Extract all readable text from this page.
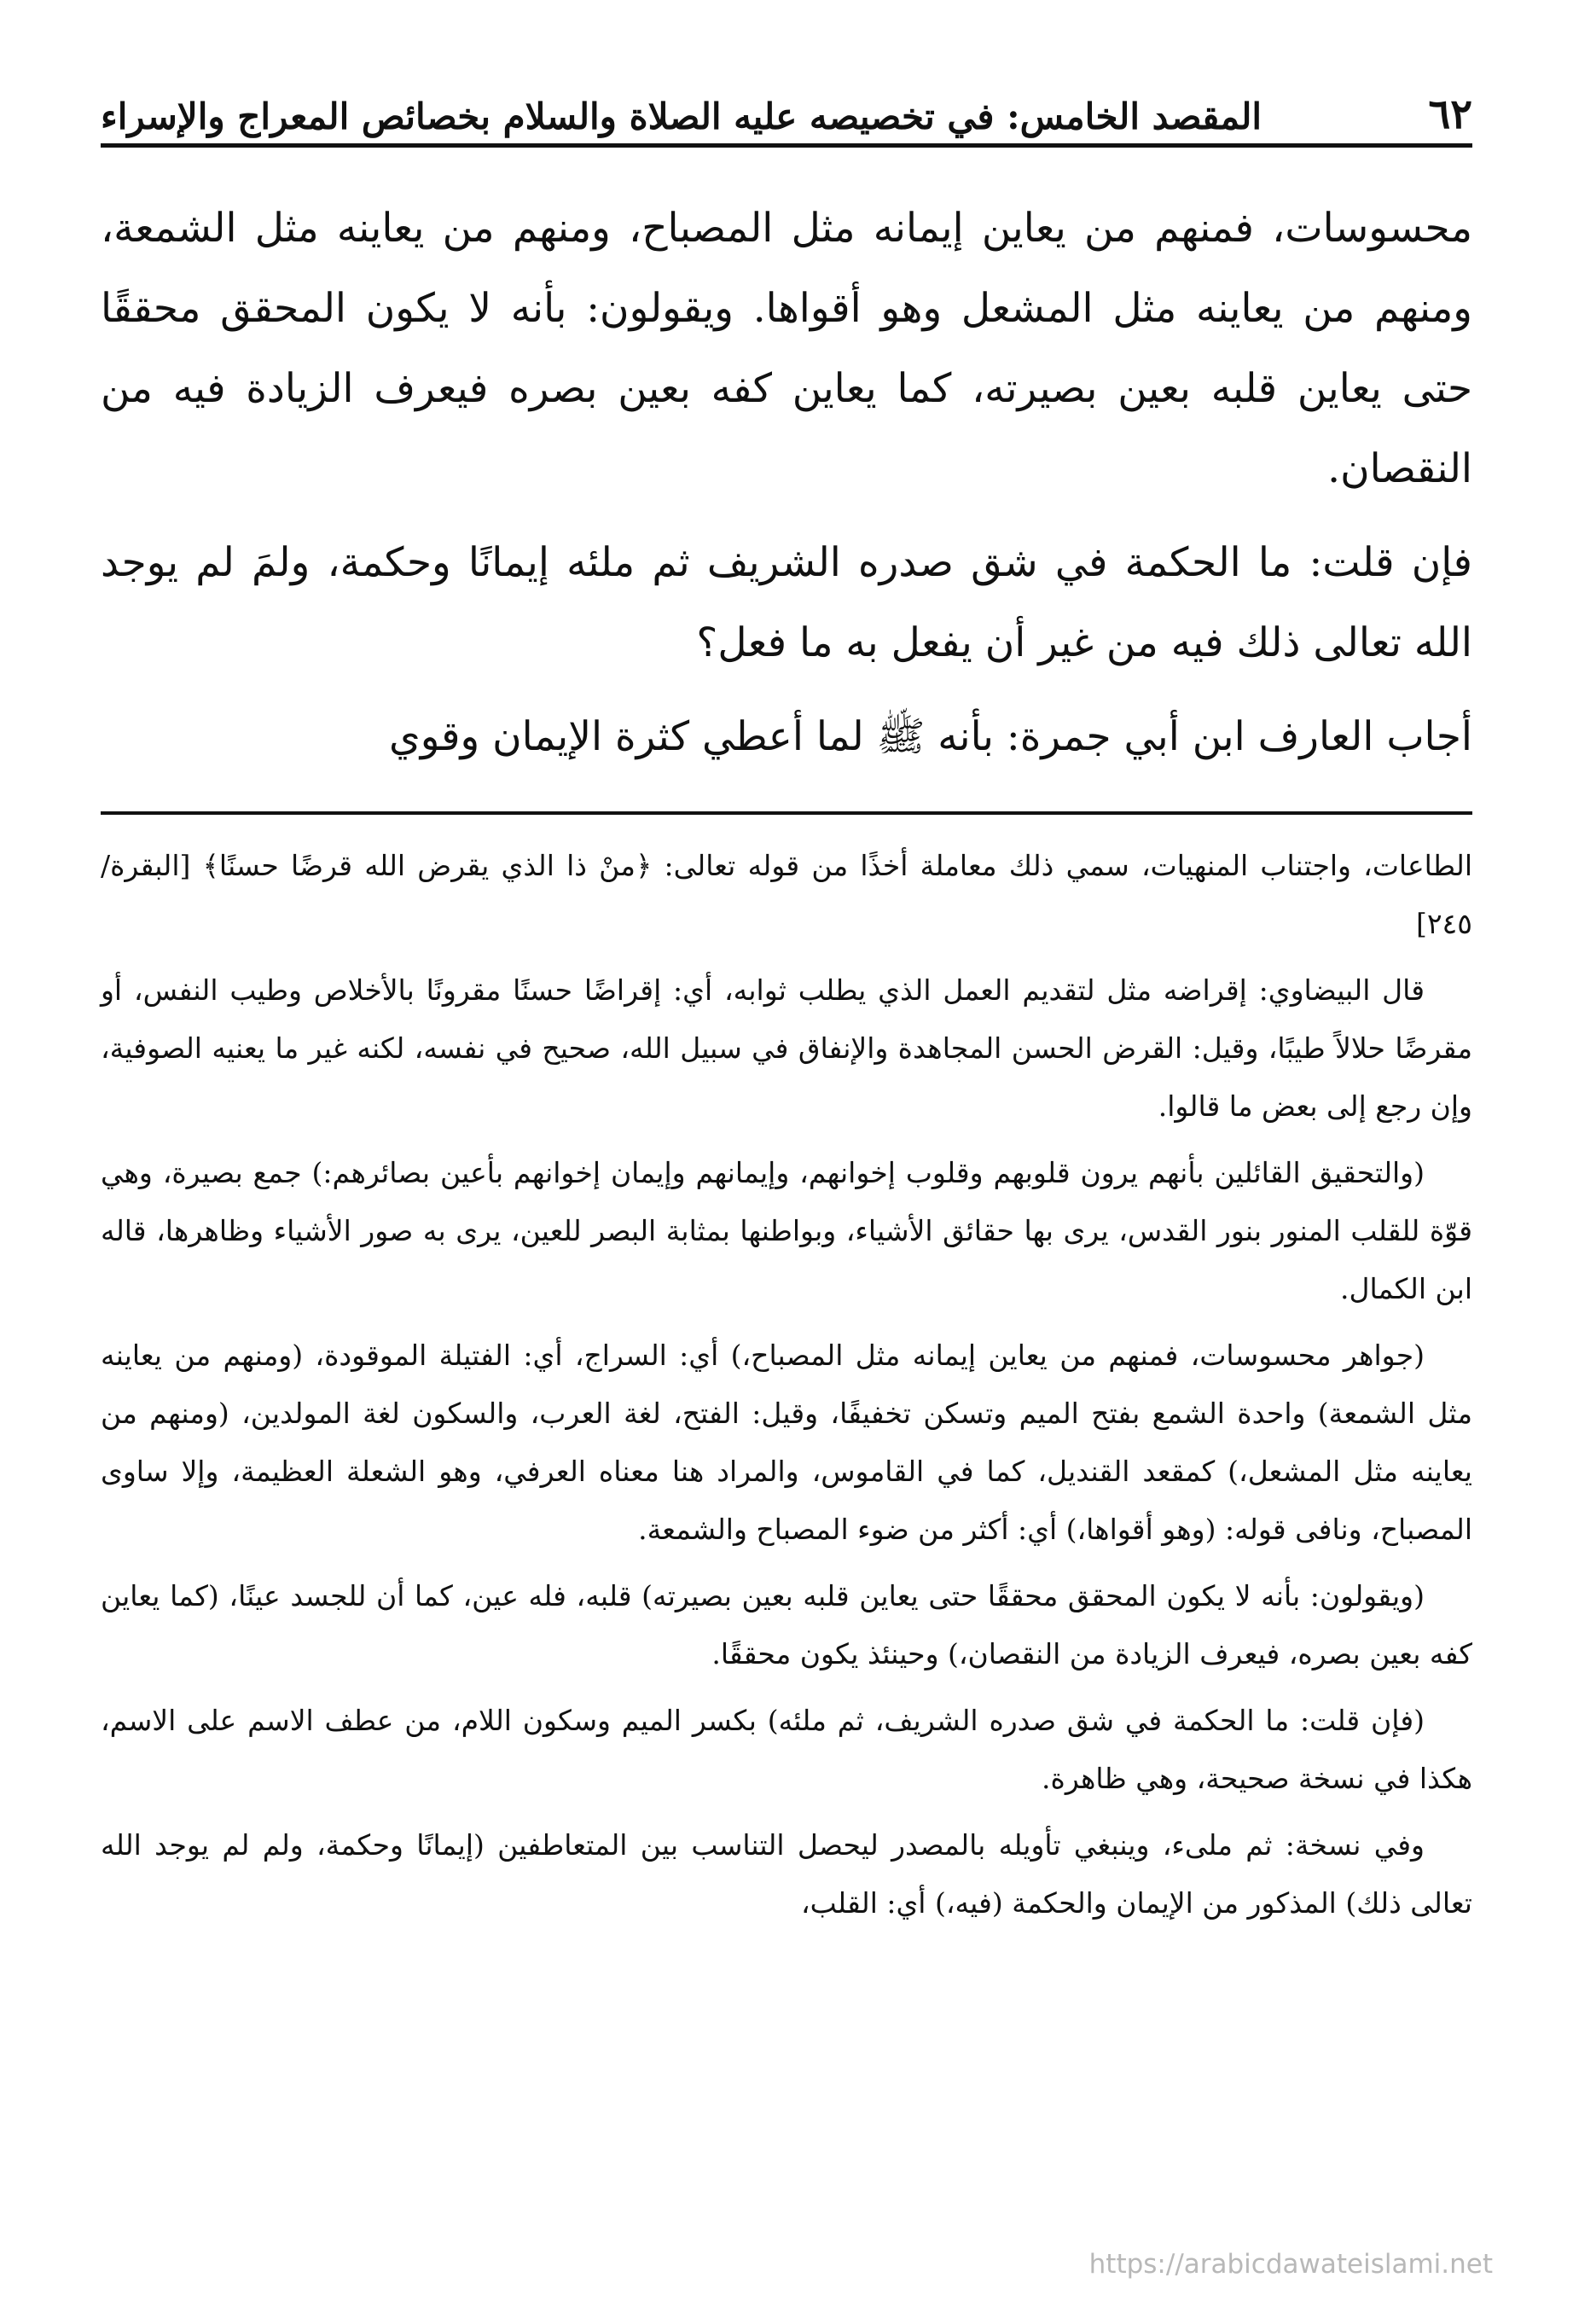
٦٢
المقصد الخامس: في تخصيصه عليه الصلاة والسلام بخصائص المعراج والإسراء

محسوسات، فمنهم من يعاين إيمانه مثل المصباح، ومنهم من يعاينه مثل الشمعة، ومنهم من يعاينه مثل المشعل وهو أقواها. ويقولون: بأنه لا يكون المحقق محققًا حتى يعاين قلبه بعين بصيرته، كما يعاين كفه بعين بصره فيعرف الزيادة فيه من النقصان.

فإن قلت: ما الحكمة في شق صدره الشريف ثم ملئه إيمانًا وحكمة، ولمَ لم يوجد الله تعالى ذلك فيه من غير أن يفعل به ما فعل؟

أجاب العارف ابن أبي جمرة: بأنه ﷺ لما أعطي كثرة الإيمان وقوي

الطاعات، واجتناب المنهيات، سمي ذلك معاملة أخذًا من قوله تعالى: ﴿منْ ذا الذي يقرض الله قرضًا حسنًا﴾ [البقرة/٢٤٥]

قال البيضاوي: إقراضه مثل لتقديم العمل الذي يطلب ثوابه، أي: إقراضًا حسنًا مقرونًا بالأخلاص وطيب النفس، أو مقرضًا حلالاً طيبًا، وقيل: القرض الحسن المجاهدة والإنفاق في سبيل الله، صحيح في نفسه، لكنه غير ما يعنيه الصوفية، وإن رجع إلى بعض ما قالوا.

(والتحقيق القائلين بأنهم يرون قلوبهم وقلوب إخوانهم، وإيمانهم وإيمان إخوانهم بأعين بصائرهم:) جمع بصيرة، وهي قوّة للقلب المنور بنور القدس، يرى بها حقائق الأشياء، وبواطنها بمثابة البصر للعين، يرى به صور الأشياء وظاهرها، قاله ابن الكمال.

(جواهر محسوسات، فمنهم من يعاين إيمانه مثل المصباح،) أي: السراج، أي: الفتيلة الموقودة، (ومنهم من يعاينه مثل الشمعة) واحدة الشمع بفتح الميم وتسكن تخفيفًا، وقيل: الفتح، لغة العرب، والسكون لغة المولدين، (ومنهم من يعاينه مثل المشعل،) كمقعد القنديل، كما في القاموس، والمراد هنا معناه العرفي، وهو الشعلة العظيمة، وإلا ساوى المصباح، ونافى قوله: (وهو أقواها،) أي: أكثر من ضوء المصباح والشمعة.

(ويقولون: بأنه لا يكون المحقق محققًا حتى يعاين قلبه بعين بصيرته) قلبه، فله عين، كما أن للجسد عينًا، (كما يعاين كفه بعين بصره، فيعرف الزيادة من النقصان،) وحينئذ يكون محققًا.

(فإن قلت: ما الحكمة في شق صدره الشريف، ثم ملئه) بكسر الميم وسكون اللام، من عطف الاسم على الاسم، هكذا في نسخة صحيحة، وهي ظاهرة.

وفي نسخة: ثم ملىء، وينبغي تأويله بالمصدر ليحصل التناسب بين المتعاطفين (إيمانًا وحكمة، ولم لم يوجد الله تعالى ذلك) المذكور من الإيمان والحكمة (فيه،) أي: القلب،

https://arabicdawateislami.net
